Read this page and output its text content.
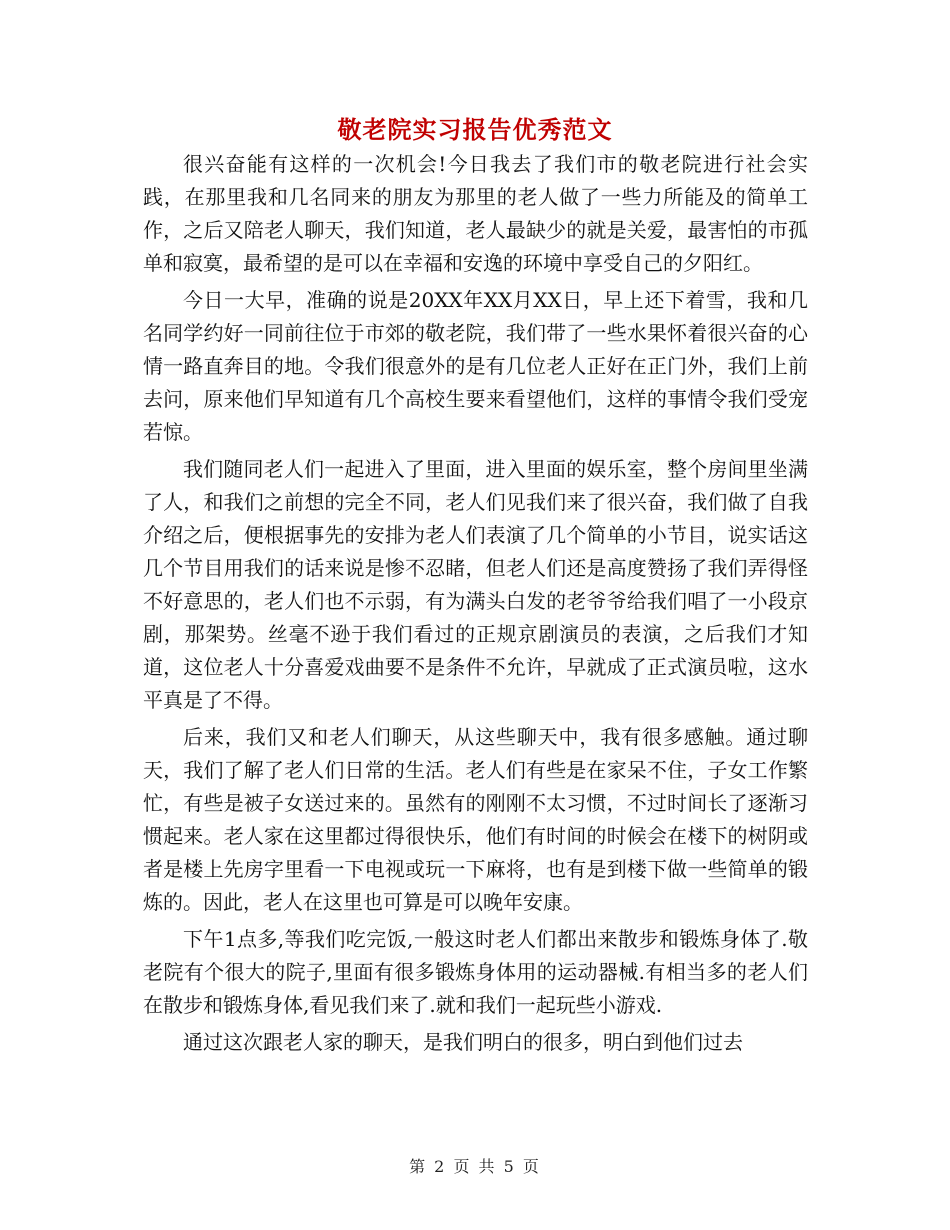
敬老院实习报告优秀范文

很兴奋能有这样的一次机会!今日我去了我们市的敬老院进行社会实践，在那里我和几名同来的朋友为那里的老人做了一些力所能及的简单工作，之后又陪老人聊天，我们知道，老人最缺少的就是关爱，最害怕的市孤单和寂寞，最希望的是可以在幸福和安逸的环境中享受自己的夕阳红。

今日一大早，准确的说是20XX年XX月XX日，早上还下着雪，我和几名同学约好一同前往位于市郊的敬老院，我们带了一些水果怀着很兴奋的心情一路直奔目的地。令我们很意外的是有几位老人正好在正门外，我们上前去问，原来他们早知道有几个高校生要来看望他们，这样的事情令我们受宠若惊。

我们随同老人们一起进入了里面，进入里面的娱乐室，整个房间里坐满了人，和我们之前想的完全不同，老人们见我们来了很兴奋，我们做了自我介绍之后，便根据事先的安排为老人们表演了几个简单的小节目，说实话这几个节目用我们的话来说是惨不忍睹，但老人们还是高度赞扬了我们弄得怪不好意思的，老人们也不示弱，有为满头白发的老爷爷给我们唱了一小段京剧，那架势。丝毫不逊于我们看过的正规京剧演员的表演，之后我们才知道，这位老人十分喜爱戏曲要不是条件不允许，早就成了正式演员啦，这水平真是了不得。

后来，我们又和老人们聊天，从这些聊天中，我有很多感触。通过聊天，我们了解了老人们日常的生活。老人们有些是在家呆不住，子女工作繁忙，有些是被子女送过来的。虽然有的刚刚不太习惯，不过时间长了逐渐习惯起来。老人家在这里都过得很快乐，他们有时间的时候会在楼下的树阴或者是楼上先房字里看一下电视或玩一下麻将，也有是到楼下做一些简单的锻炼的。因此，老人在这里也可算是可以晚年安康。

下午1点多,等我们吃完饭,一般这时老人们都出来散步和锻炼身体了.敬老院有个很大的院子,里面有很多锻炼身体用的运动器械.有相当多的老人们在散步和锻炼身体,看见我们来了.就和我们一起玩些小游戏.

通过这次跟老人家的聊天，是我们明白的很多，明白到他们过去

第 2 页 共 5 页
